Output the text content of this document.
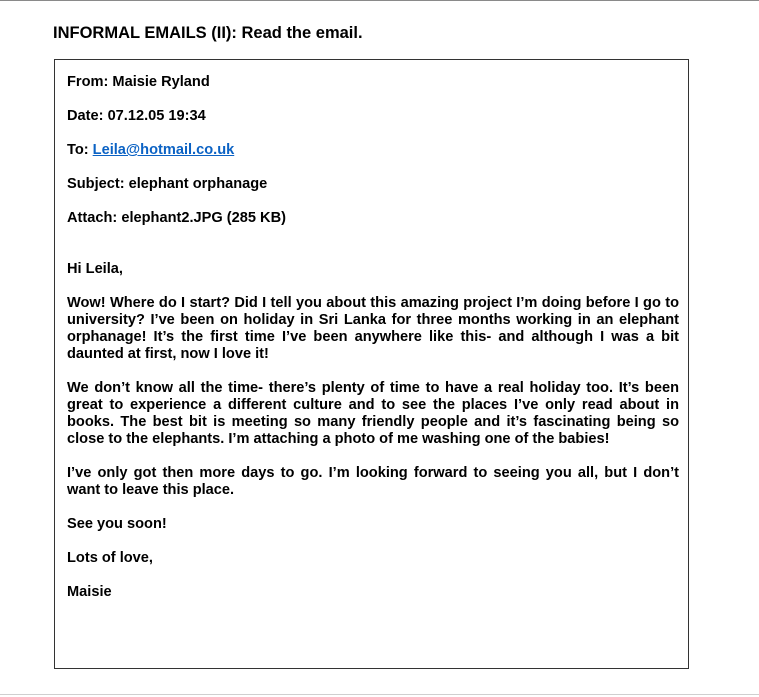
INFORMAL EMAILS (II): Read the email.
From: Maisie Ryland
Date: 07.12.05 19:34
To: Leila@hotmail.co.uk
Subject: elephant orphanage
Attach: elephant2.JPG (285 KB)
Hi Leila,
Wow! Where do I start? Did I tell you about this amazing project I’m doing before I go to university? I’ve been on holiday in Sri Lanka for three months working in an elephant orphanage! It’s the first time I’ve been anywhere like this- and although I was a bit daunted at first, now I love it!
We don’t know all the time- there’s plenty of time to have a real holiday too. It’s been great to experience a different culture and to see the places I’ve only read about in books. The best bit is meeting so many friendly people and it’s fascinating being so close to the elephants. I’m attaching a photo of me washing one of the babies!
I’ve only got then more days to go. I’m looking forward to seeing you all, but I don’t want to leave this place.
See you soon!
Lots of love,
Maisie
